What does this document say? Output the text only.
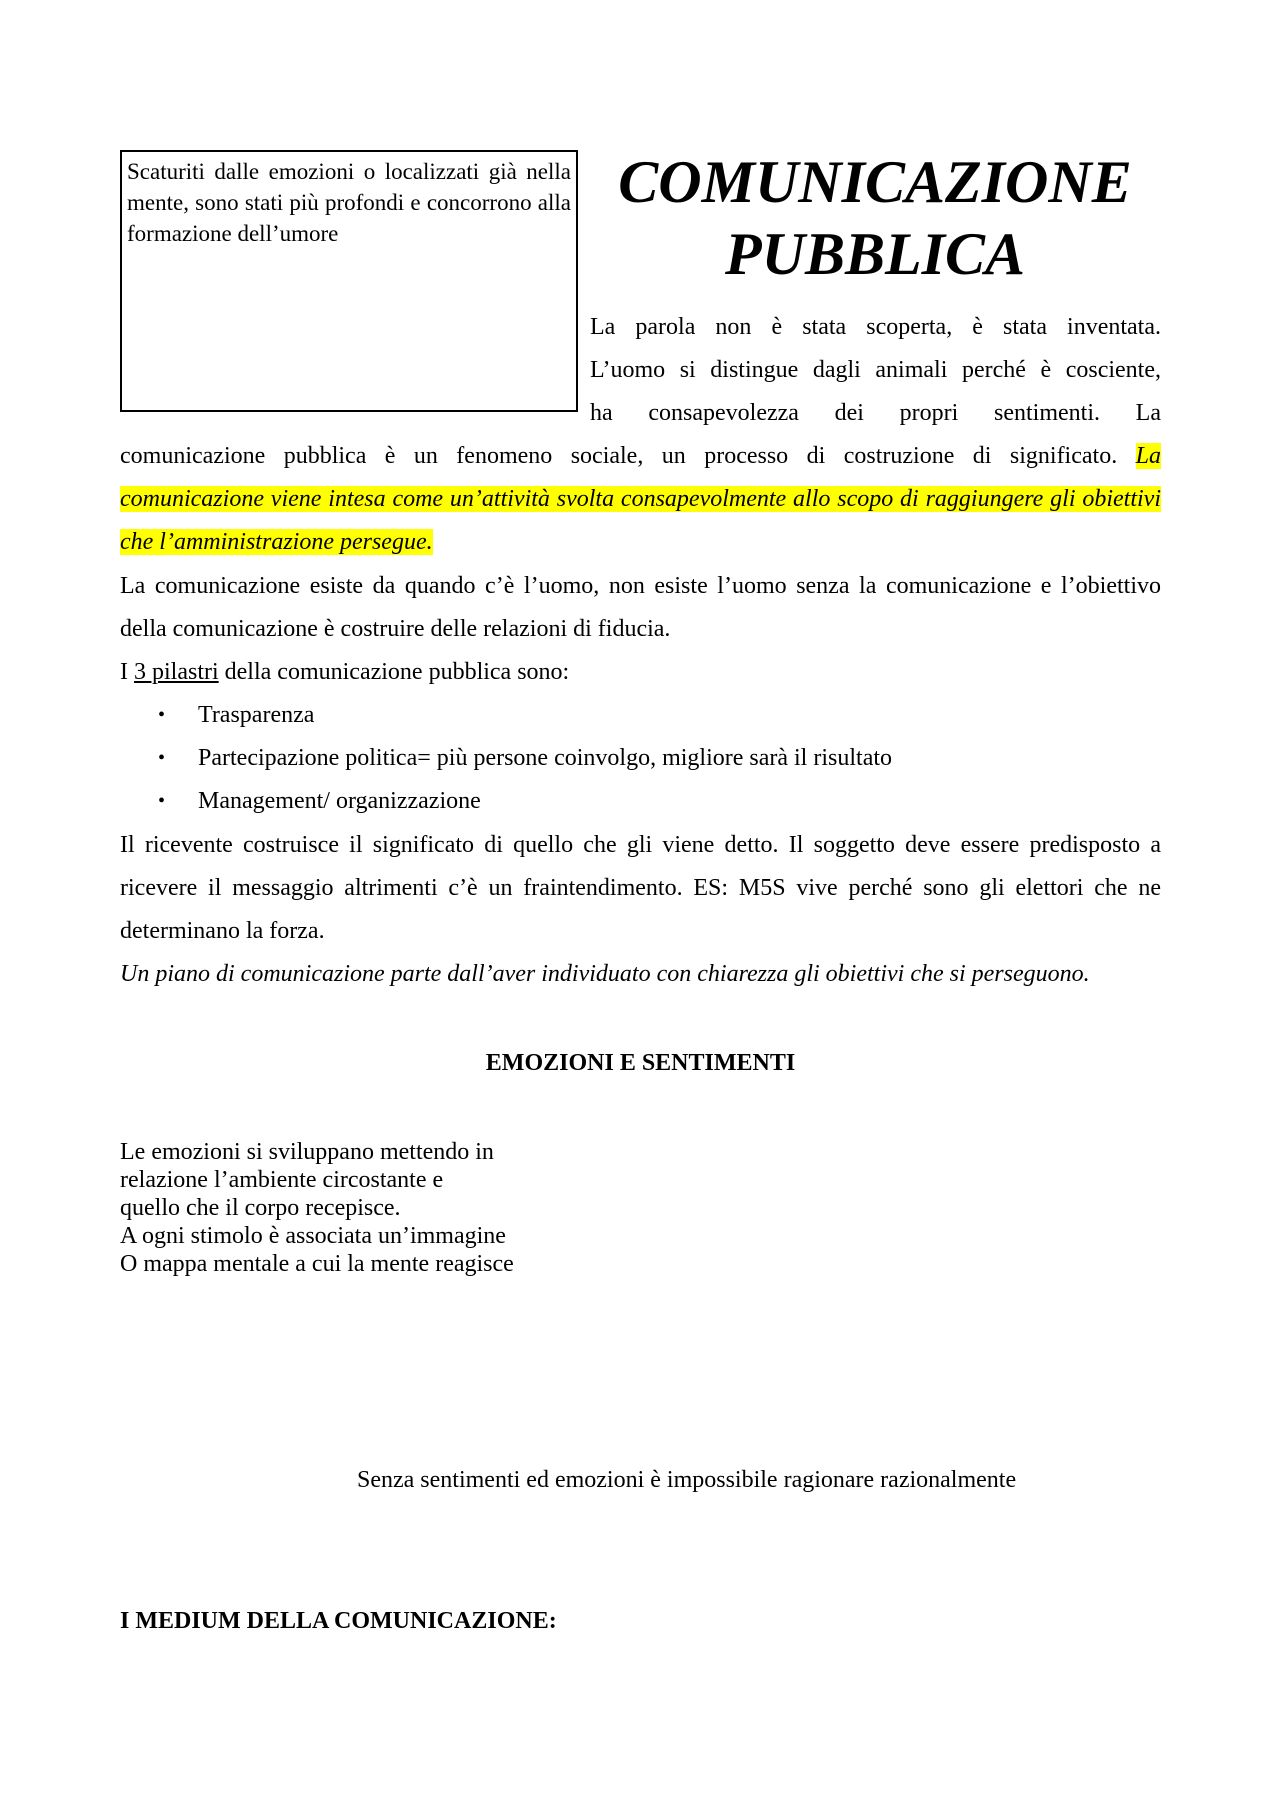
Scaturiti dalle emozioni o localizzati già nella mente, sono stati più profondi e concorrono alla formazione dell’umore
COMUNICAZIONE
PUBBLICA
La parola non è stata scoperta, è stata inventata.
L’uomo si distingue dagli animali perché è cosciente,
ha consapevolezza dei propri sentimenti. La
comunicazione pubblica è un fenomeno sociale, un processo di costruzione di significato. La
comunicazione viene intesa come un’attività svolta consapevolmente allo scopo di raggiungere gli obiettivi che l’amministrazione persegue.
La comunicazione esiste da quando c’è l’uomo, non esiste l’uomo senza la comunicazione e l’obiettivo della comunicazione è costruire delle relazioni di fiducia.
I 3 pilastri della comunicazione pubblica sono:
• Trasparenza
• Partecipazione politica= più persone coinvolgo, migliore sarà il risultato
• Management/ organizzazione
Il ricevente costruisce il significato di quello che gli viene detto. Il soggetto deve essere predisposto a ricevere il messaggio altrimenti c’è un fraintendimento. ES: M5S vive perché sono gli elettori che ne determinano la forza.
Un piano di comunicazione parte dall’aver individuato con chiarezza gli obiettivi che si perseguono.
EMOZIONI E SENTIMENTI
Le emozioni si sviluppano mettendo in
relazione l’ambiente circostante e
quello che il corpo recepisce.
A ogni stimolo è associata un’immagine
O mappa mentale a cui la mente reagisce
Senza sentimenti ed emozioni è impossibile ragionare razionalmente
I MEDIUM DELLA COMUNICAZIONE:
